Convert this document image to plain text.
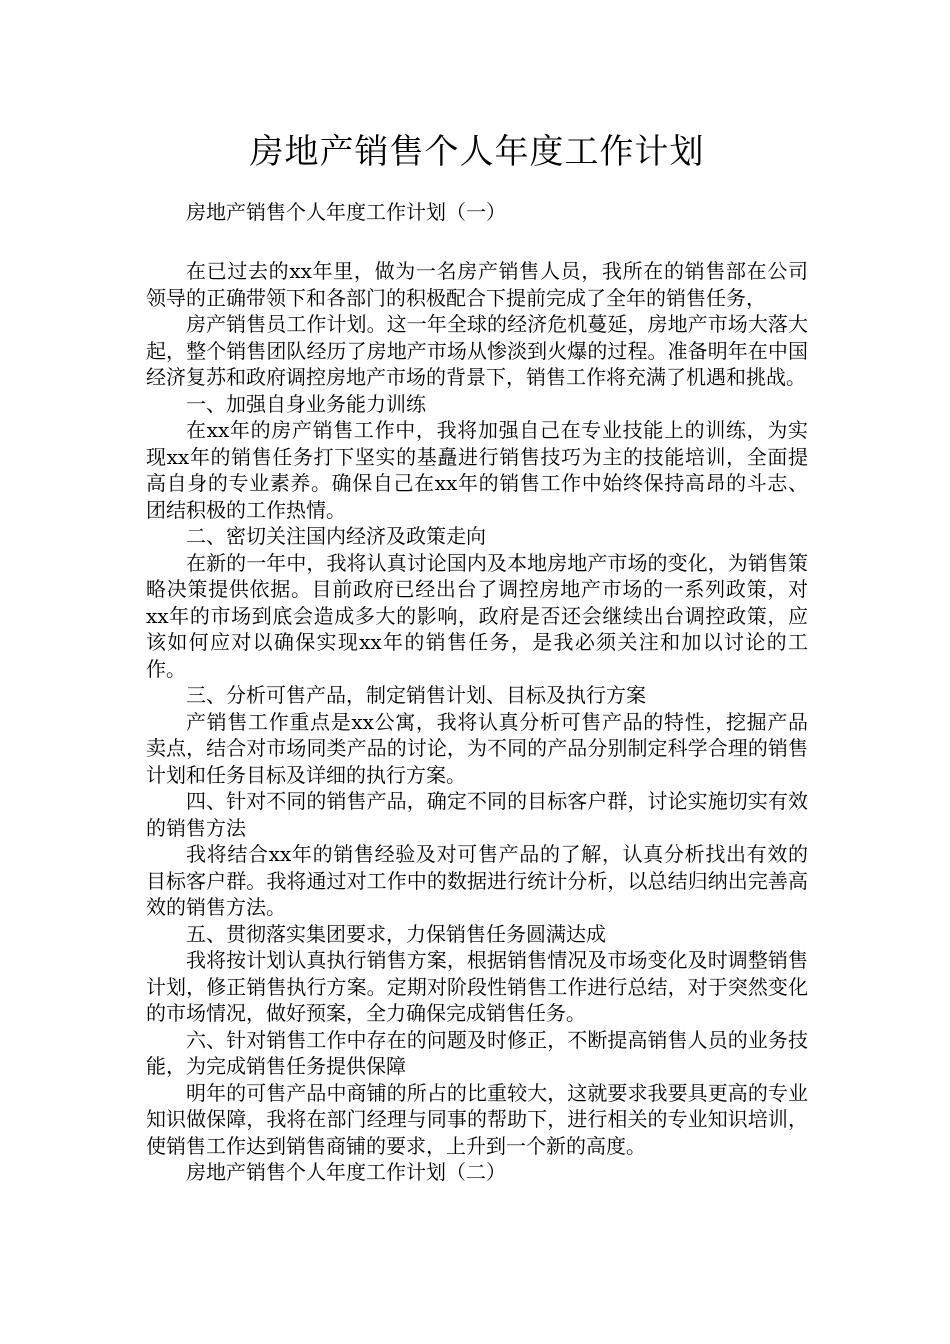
房地产销售个人年度工作计划

房地产销售个人年度工作计划（一）

在已过去的xx年里，做为一名房产销售人员，我所在的销售部在公司领导的正确带领下和各部门的积极配合下提前完成了全年的销售任务，

房产销售员工作计划。这一年全球的经济危机蔓延，房地产市场大落大起，整个销售团队经历了房地产市场从惨淡到火爆的过程。准备明年在中国经济复苏和政府调控房地产市场的背景下，销售工作将充满了机遇和挑战。

一、加强自身业务能力训练

在xx年的房产销售工作中，我将加强自己在专业技能上的训练，为实现xx年的销售任务打下坚实的基矗进行销售技巧为主的技能培训，全面提高自身的专业素养。确保自己在xx年的销售工作中始终保持高昂的斗志、团结积极的工作热情。

二、密切关注国内经济及政策走向

在新的一年中，我将认真讨论国内及本地房地产市场的变化，为销售策略决策提供依据。目前政府已经出台了调控房地产市场的一系列政策，对xx年的市场到底会造成多大的影响，政府是否还会继续出台调控政策，应该如何应对以确保实现xx年的销售任务，是我必须关注和加以讨论的工作。

三、分析可售产品，制定销售计划、目标及执行方案

产销售工作重点是xx公寓，我将认真分析可售产品的特性，挖掘产品卖点，结合对市场同类产品的讨论，为不同的产品分别制定科学合理的销售计划和任务目标及详细的执行方案。

四、针对不同的销售产品，确定不同的目标客户群，讨论实施切实有效的销售方法

我将结合xx年的销售经验及对可售产品的了解，认真分析找出有效的目标客户群。我将通过对工作中的数据进行统计分析，以总结归纳出完善高效的销售方法。

五、贯彻落实集团要求，力保销售任务圆满达成

我将按计划认真执行销售方案，根据销售情况及市场变化及时调整销售计划，修正销售执行方案。定期对阶段性销售工作进行总结，对于突然变化的市场情况，做好预案，全力确保完成销售任务。

六、针对销售工作中存在的问题及时修正，不断提高销售人员的业务技能，为完成销售任务提供保障

明年的可售产品中商铺的所占的比重较大，这就要求我要具更高的专业知识做保障，我将在部门经理与同事的帮助下，进行相关的专业知识培训，使销售工作达到销售商铺的要求，上升到一个新的高度。

房地产销售个人年度工作计划（二）
